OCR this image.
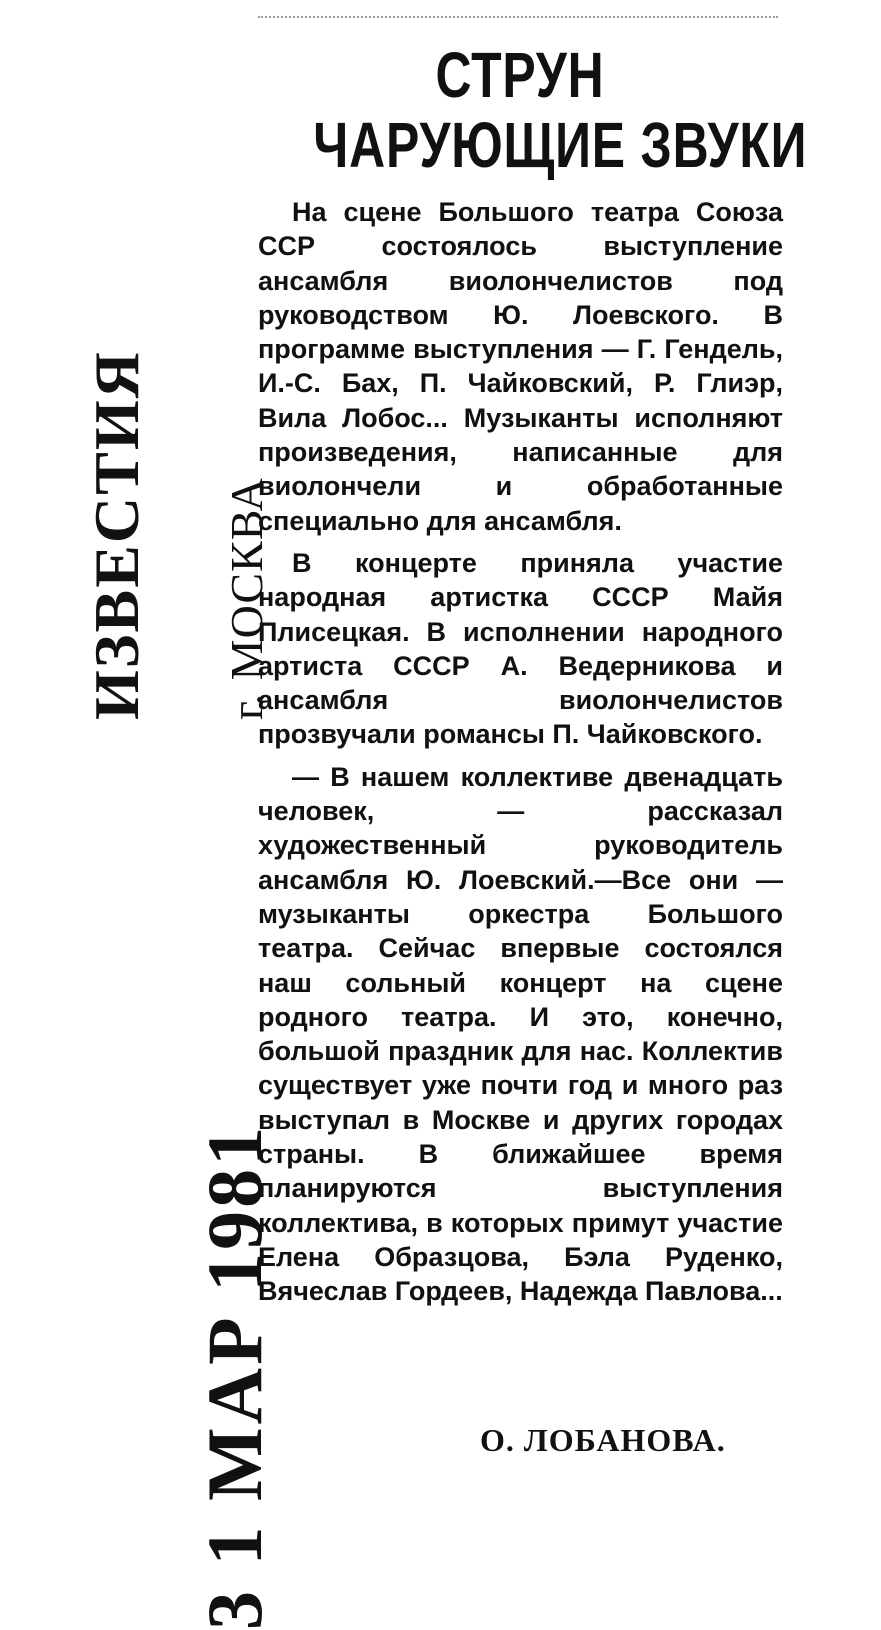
ИЗВЕСТИЯ г. МОСКВА
3 1 МАР 1981
СТРУН
ЧАРУЮЩИЕ ЗВУКИ

На сцене Большого театра Союза ССР состоялось выступление ансамбля виолончелистов под руководством Ю. Лоевского. В программе выступления — Г. Гендель, И.-С. Бах, П. Чайковский, Р. Глиэр, Вила Лобос... Музыканты исполняют произведения, написанные для виолончели и обработанные специально для ансамбля.

В концерте приняла участие народная артистка СССР Майя Плисецкая. В исполнении народного артиста СССР А. Ведерникова и ансамбля виолончелистов прозвучали романсы П. Чайковского.

— В нашем коллективе двенадцать человек, — рассказал художественный руководитель ансамбля Ю. Лоевский.—Все они — музыканты оркестра Большого театра. Сейчас впервые состоялся наш сольный концерт на сцене родного театра. И это, конечно, большой праздник для нас. Коллектив существует уже почти год и много раз выступал в Москве и других городах страны. В ближайшее время планируются выступления коллектива, в которых примут участие Елена Образцова, Бэла Руденко, Вячеслав Гордеев, Надежда Павлова...

О. ЛОБАНОВА.
